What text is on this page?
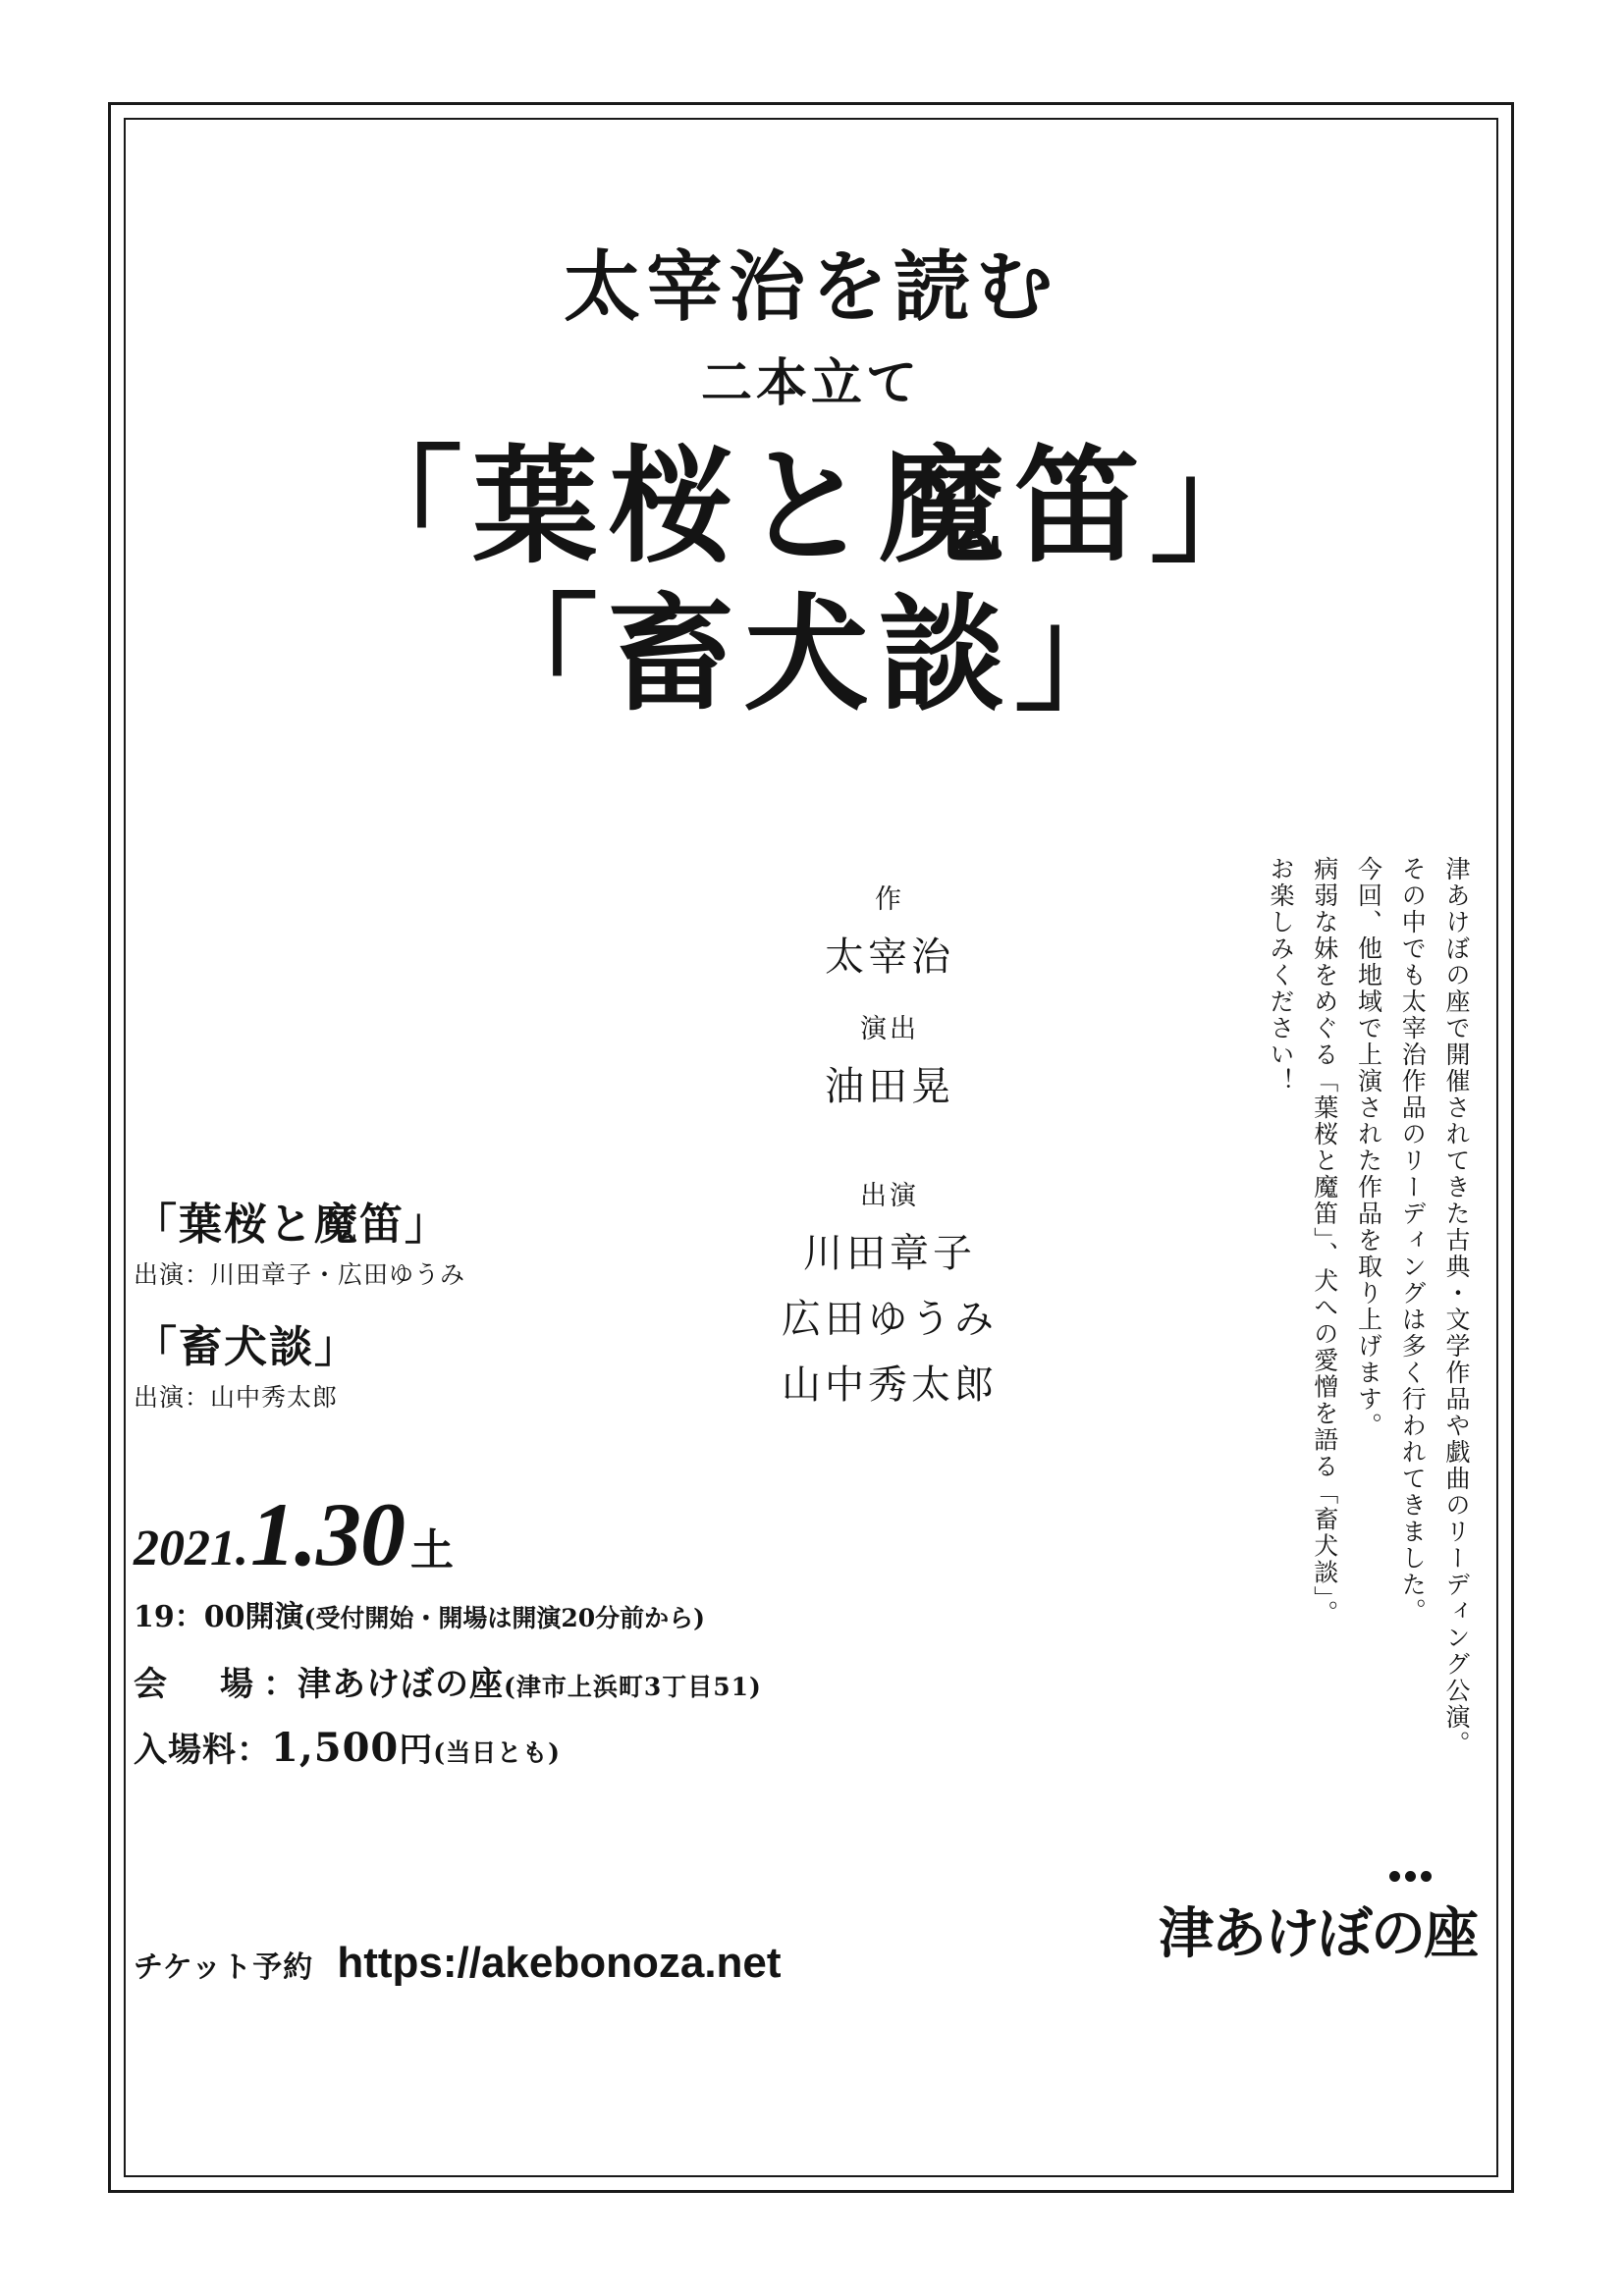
太宰治を読む
二本立て
「葉桜と魔笛」
「畜犬談」
作
太宰治
演出
油田晃
出演
川田章子
広田ゆうみ
山中秀太郎	津あけぼの座で開催されてきた古典・文学作品や戯曲のリーディング公演。
その中でも太宰治作品のリーディングは多く行われてきました。
今回、他地域で上演された作品を取り上げます。
病弱な妹をめぐる「葉桜と魔笛」、犬への愛憎を語る「畜犬談」。
お楽しみください！
「葉桜と魔笛」
出演：川田章子・広田ゆうみ
「畜犬談」
出演：山中秀太郎
2021. 1.30 土
19：00開演(受付開始・開場は開演20分前から)
会　場：津あけぼの座(津市上浜町3丁目51)
入場料：1,500円(当日とも)
チケット予約 https://akebonoza.net	津あけぼの座
